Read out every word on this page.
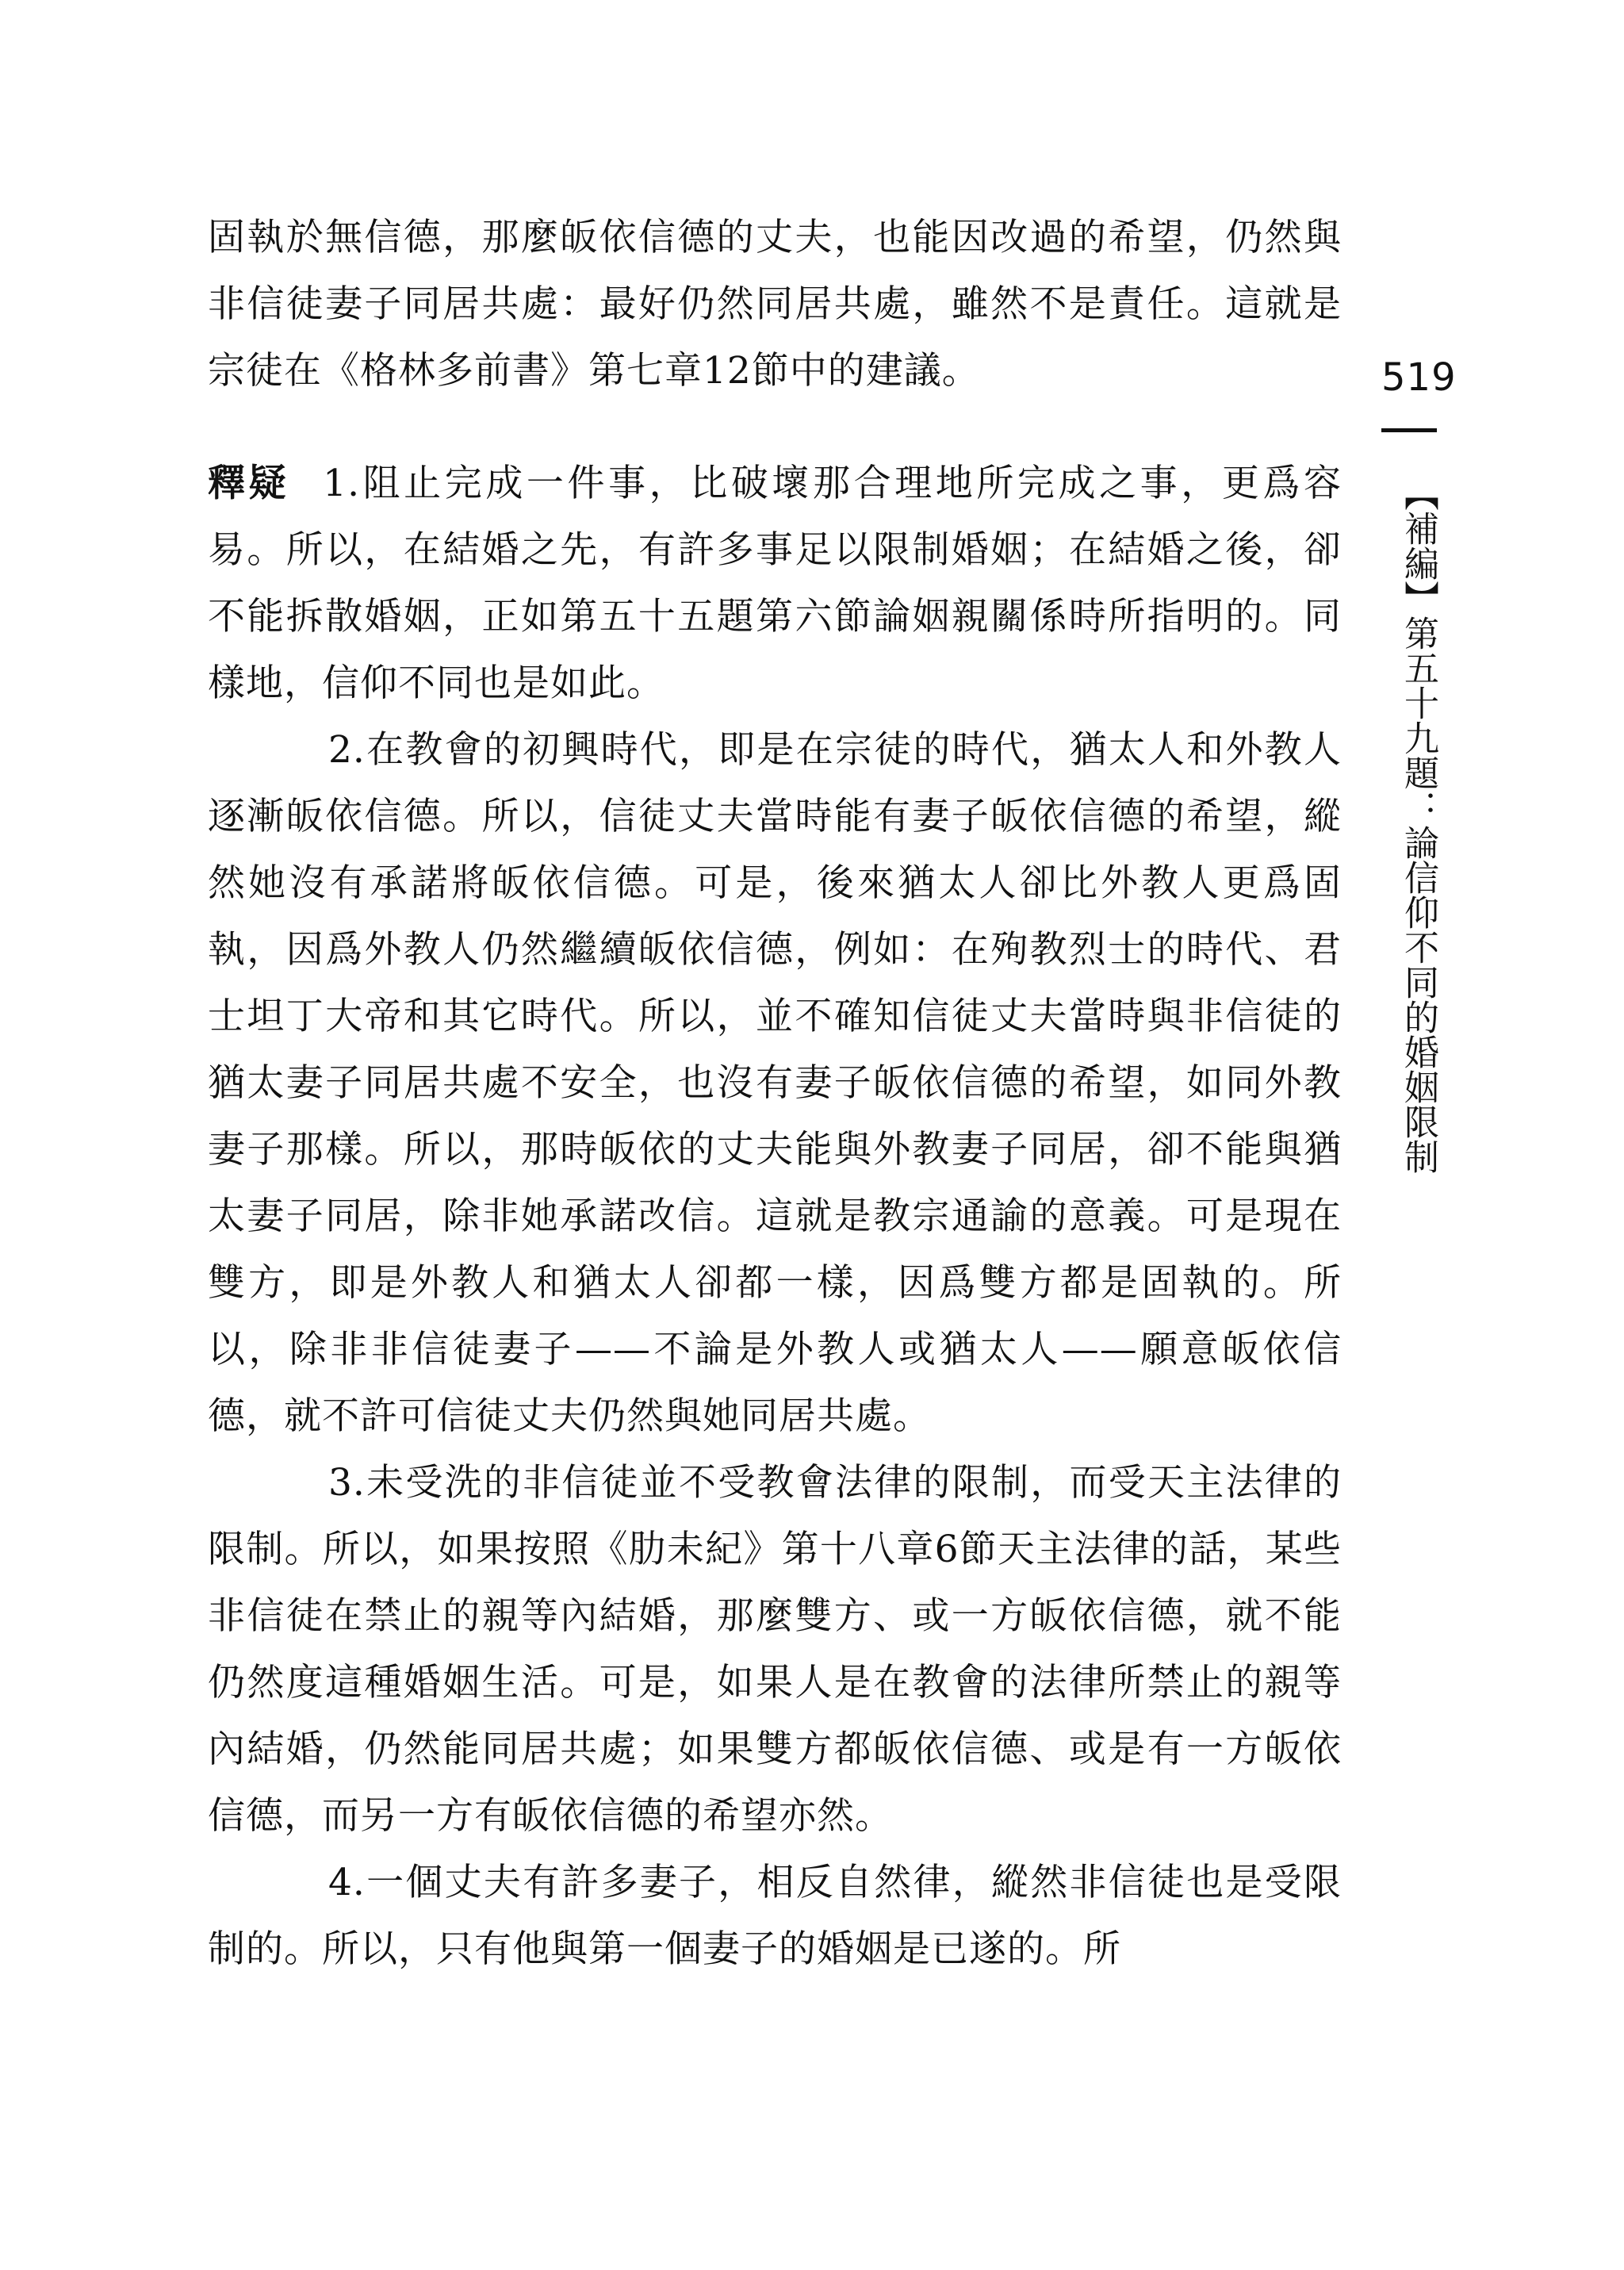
固執於無信德，那麼皈依信德的丈夫，也能因改過的希望，仍然與非信徒妻子同居共處：最好仍然同居共處，雖然不是責任。這就是宗徒在《格林多前書》第七章12節中的建議。

釋疑 1.阻止完成一件事，比破壞那合理地所完成之事，更爲容易。所以，在結婚之先，有許多事足以限制婚姻；在結婚之後，卻不能拆散婚姻，正如第五十五題第六節論姻親關係時所指明的。同樣地，信仰不同也是如此。

2.在教會的初興時代，即是在宗徒的時代，猶太人和外教人逐漸皈依信德。所以，信徒丈夫當時能有妻子皈依信德的希望，縱然她沒有承諾將皈依信德。可是，後來猶太人卻比外教人更爲固執，因爲外教人仍然繼續皈依信德，例如：在殉教烈士的時代、君士坦丁大帝和其它時代。所以，並不確知信徒丈夫當時與非信徒的猶太妻子同居共處不安全，也沒有妻子皈依信德的希望，如同外教妻子那樣。所以，那時皈依的丈夫能與外教妻子同居，卻不能與猶太妻子同居，除非她承諾改信。這就是教宗通諭的意義。可是現在雙方，即是外教人和猶太人卻都一樣，因爲雙方都是固執的。所以，除非非信徒妻子——不論是外教人或猶太人——願意皈依信德，就不許可信徒丈夫仍然與她同居共處。

3.未受洗的非信徒並不受教會法律的限制，而受天主法律的限制。所以，如果按照《肋未紀》第十八章6節天主法律的話，某些非信徒在禁止的親等內結婚，那麼雙方、或一方皈依信德，就不能仍然度這種婚姻生活。可是，如果人是在教會的法律所禁止的親等內結婚，仍然能同居共處；如果雙方都皈依信德、或是有一方皈依信德，而另一方有皈依信德的希望亦然。

4.一個丈夫有許多妻子，相反自然律，縱然非信徒也是受限制的。所以，只有他與第一個妻子的婚姻是已遂的。所

519
【補編】第五十九題：論信仰不同的婚姻限制
